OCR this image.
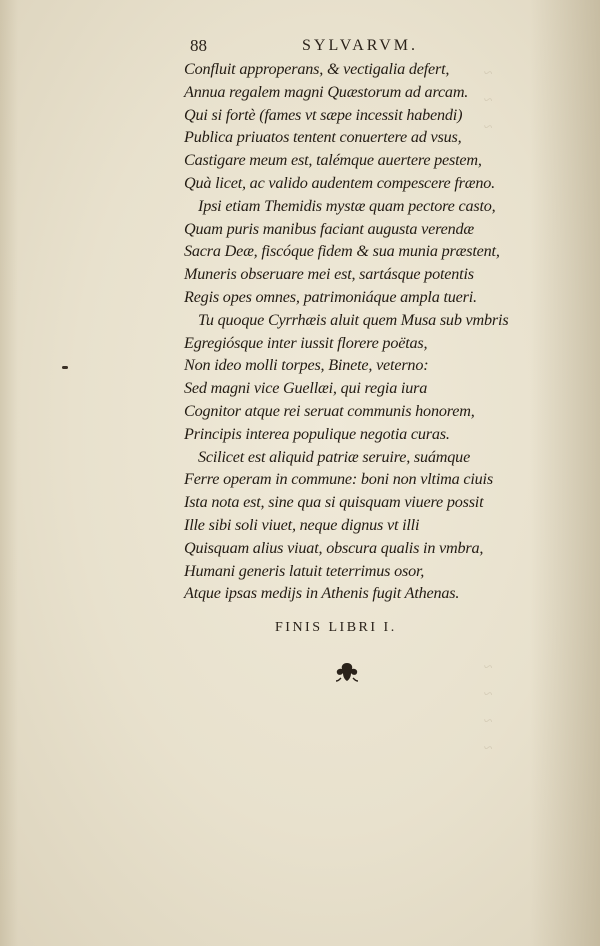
~
~
~

~
~
~
~
88	SYLVARVM.
Confluit approperans, & vectigalia defert,
Annua regalem magni Quæstorum ad arcam.
Qui si fortè (fames vt sæpe incessit habendi)
Publica priuatos tentent conuertere ad vsus,
Castigare meum est, talémque auertere pestem,
Quà licet, ac valido audentem compescere fræno.
Ipsi etiam Themidis mystæ quam pectore casto,
Quam puris manibus faciant augusta verendæ
Sacra Deæ, fiscóque fidem & sua munia præstent,
Muneris obseruare mei est, sartásque potentis
Regis opes omnes, patrimoniáque ampla tueri.
Tu quoque Cyrrhæis aluit quem Musa sub vmbris
Egregiósque inter iussit florere poëtas,
Non ideo molli torpes, Binete, veterno:
Sed magni vice Guellæi, qui regia iura
Cognitor atque rei seruat communis honorem,
Principis interea populique negotia curas.
Scilicet est aliquid patriæ seruire, suámque
Ferre operam in commune: boni non vltima ciuis
Ista nota est, sine qua si quisquam viuere possit
Ille sibi soli viuet, neque dignus vt illi
Quisquam alius viuat, obscura qualis in vmbra,
Humani generis latuit teterrimus osor,
Atque ipsas medijs in Athenis fugit Athenas.
FINIS LIBRI I.
